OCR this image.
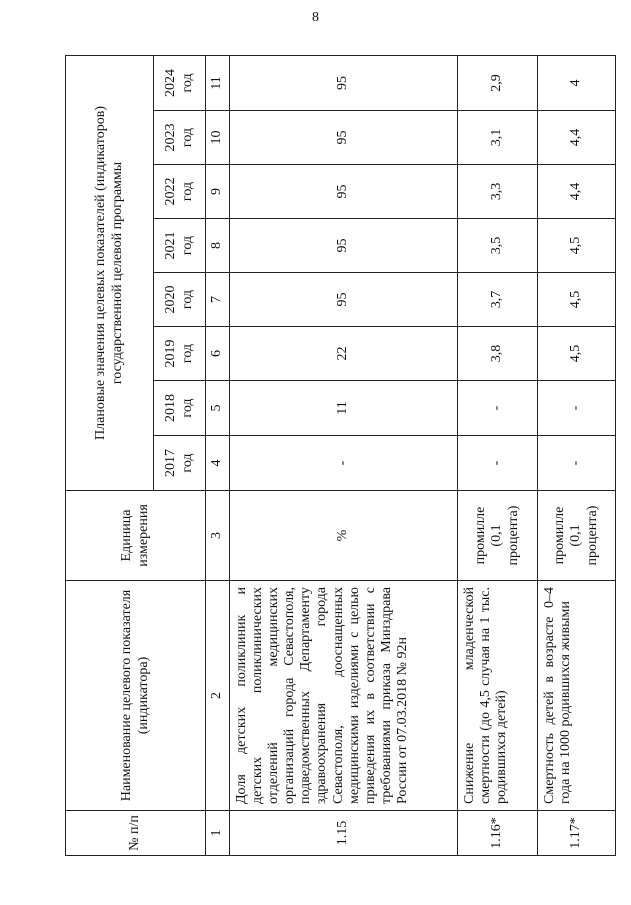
8
№ п/п	Наименование целевого показателя (индикатора)	Единица измерения	Плановые значения целевых показателей (индикаторов) государственной целевой программы							
			2017 год	2018 год	2019 год	2020 год	2021 год	2022 год	2023 год	2024 год
1	2	3	4	5	6	7	8	9	10	11
1.15	Доля детских поликлиник и детских поликлинических отделений медицинских организаций города Севастополя, подведомственных Департаменту здравоохранения города Севастополя, дооснащенных медицинскими изделиями с целью приведения их в соответствии с требованиями приказа Минздрава России от 07.03.2018 № 92н	%	-	11	22	95	95	95	95	95
1.16*	Снижение младенческой смертности (до 4,5 случая на 1 тыс. родившихся детей)	промилле (0,1 процента)	-	-	3,8	3,7	3,5	3,3	3,1	2,9
1.17*	Смертность детей в возрасте 0–4 года на 1000 родившихся живыми	промилле (0,1 процента)	-	-	4,5	4,5	4,5	4,4	4,4	4
